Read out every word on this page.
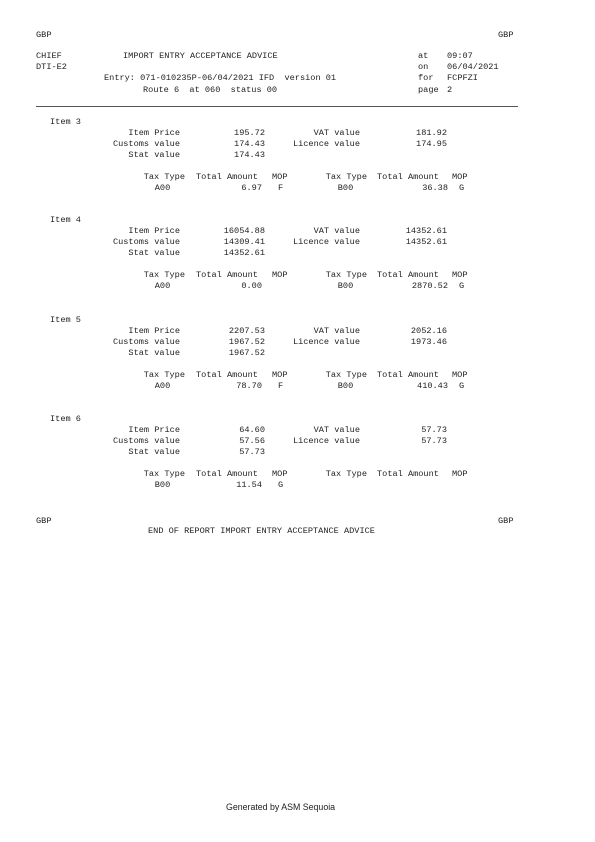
GBP	GBP
CHIEF	IMPORT ENTRY ACCEPTANCE ADVICE	at 09:07
DTI-E2	on 06/04/2021
Entry: 071-010235P-06/04/2021 IFD  version 01	for FCPFZI
Route 6  at 060  status 00	page 2
Item 3
Item Price	195.72	VAT value	181.92
Customs value	174.43	Licence value	174.95
Stat value	174.43
Tax Type Total Amount MOP	Tax Type Total Amount MOP
A00	6.97 F	B00	36.38 G
Item 4
Item Price	16054.88	VAT value	14352.61
Customs value	14309.41	Licence value	14352.61
Stat value	14352.61
Tax Type Total Amount MOP	Tax Type Total Amount MOP
A00	0.00	B00	2870.52 G
Item 5
Item Price	2207.53	VAT value	2052.16
Customs value	1967.52	Licence value	1973.46
Stat value	1967.52
Tax Type Total Amount MOP	Tax Type Total Amount MOP
A00	78.70 F	B00	410.43 G
Item 6
Item Price	64.60	VAT value	57.73
Customs value	57.56	Licence value	57.73
Stat value	57.73
Tax Type Total Amount MOP	Tax Type Total Amount MOP
B00	11.54 G
GBP	GBP
END OF REPORT IMPORT ENTRY ACCEPTANCE ADVICE
Generated by ASM Sequoia
